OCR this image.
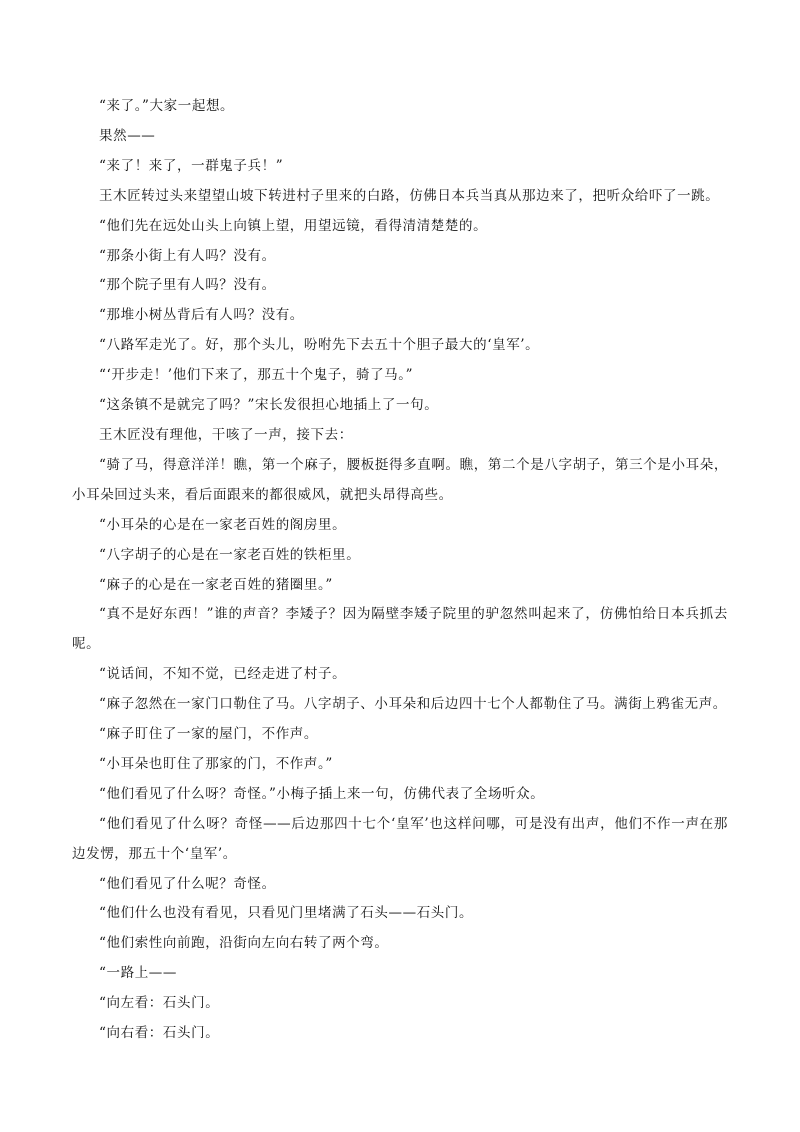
“来了。”大家一起想。

果然——

“来了！来了，一群鬼子兵！”

王木匠转过头来望望山坡下转进村子里来的白路，仿佛日本兵当真从那边来了，把听众给吓了一跳。

“他们先在远处山头上向镇上望，用望远镜，看得清清楚楚的。

“那条小街上有人吗？没有。

“那个院子里有人吗？没有。

“那堆小树丛背后有人吗？没有。

“八路军走光了。好，那个头儿，吩咐先下去五十个胆子最大的‘皇军’。

“‘开步走！’他们下来了，那五十个鬼子，骑了马。”

“这条镇不是就完了吗？”宋长发很担心地插上了一句。

王木匠没有理他，干咳了一声，接下去：

“骑了马，得意洋洋！瞧，第一个麻子，腰板挺得多直啊。瞧，第二个是八字胡子，第三个是小耳朵，小耳朵回过头来，看后面跟来的都很威风，就把头昂得高些。

“小耳朵的心是在一家老百姓的阁房里。

“八字胡子的心是在一家老百姓的铁柜里。

“麻子的心是在一家老百姓的猪圈里。”

“真不是好东西！”谁的声音？李矮子？因为隔壁李矮子院里的驴忽然叫起来了，仿佛怕给日本兵抓去呢。

“说话间，不知不觉，已经走进了村子。

“麻子忽然在一家门口勒住了马。八字胡子、小耳朵和后边四十七个人都勒住了马。满街上鸦雀无声。

“麻子盯住了一家的屋门，不作声。

“小耳朵也盯住了那家的门，不作声。”

“他们看见了什么呀？奇怪。”小梅子插上来一句，仿佛代表了全场听众。

“他们看见了什么呀？奇怪——后边那四十七个‘皇军’也这样问哪，可是没有出声，他们不作一声在那边发愣，那五十个‘皇军’。

“他们看见了什么呢？奇怪。

“他们什么也没有看见，只看见门里堵满了石头——石头门。

“他们索性向前跑，沿街向左向右转了两个弯。

“一路上——

“向左看：石头门。

“向右看：石头门。
